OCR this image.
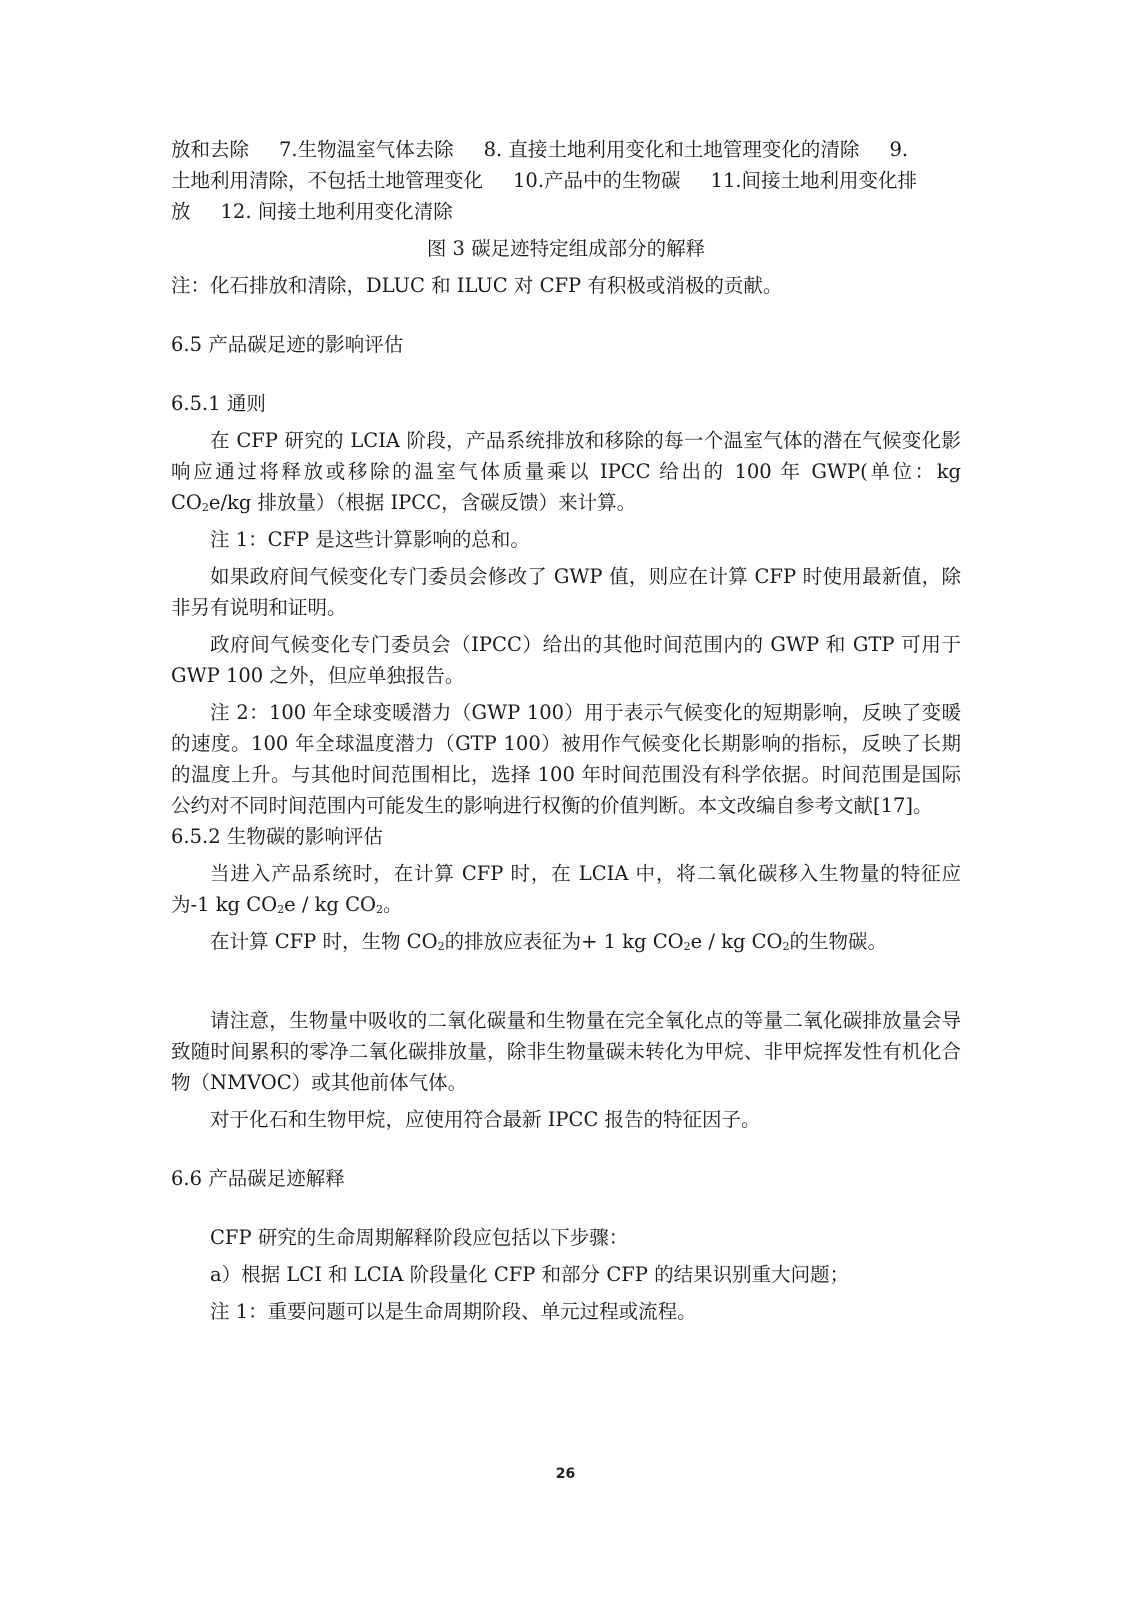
放和去除 7.生物温室气体去除 8. 直接土地利用变化和土地管理变化的清除 9.
土地利用清除，不包括土地管理变化 10.产品中的生物碳 11.间接土地利用变化排
放 12. 间接土地利用变化清除

图 3 碳足迹特定组成部分的解释

注：化石排放和清除，DLUC 和 ILUC 对 CFP 有积极或消极的贡献。

6.5 产品碳足迹的影响评估

6.5.1 通则

在 CFP 研究的 LCIA 阶段，产品系统排放和移除的每一个温室气体的潜在气候变化影响应通过将释放或移除的温室气体质量乘以 IPCC 给出的 100 年 GWP(单位：kg $CO_2e/kg$ 排放量）（根据 IPCC，含碳反馈）来计算。

注 1：CFP 是这些计算影响的总和。

如果政府间气候变化专门委员会修改了 GWP 值，则应在计算 CFP 时使用最新值，除非另有说明和证明。

政府间气候变化专门委员会（IPCC）给出的其他时间范围内的 GWP 和 GTP 可用于 GWP 100 之外，但应单独报告。

注 2：100 年全球变暖潜力（GWP 100）用于表示气候变化的短期影响，反映了变暖的速度。100 年全球温度潜力（GTP 100）被用作气候变化长期影响的指标，反映了长期的温度上升。与其他时间范围相比，选择 100 年时间范围没有科学依据。时间范围是国际公约对不同时间范围内可能发生的影响进行权衡的价值判断。本文改编自参考文献[17]。

6.5.2 生物碳的影响评估

当进入产品系统时，在计算 CFP 时，在 LCIA 中，将二氧化碳移入生物量的特征应为-1 kg $CO_2e$ / kg $CO_2$。

在计算 CFP 时，生物 $CO_2$的排放应表征为+ 1 kg $CO_2e$ / kg $CO_2$的生物碳。

请注意，生物量中吸收的二氧化碳量和生物量在完全氧化点的等量二氧化碳排放量会导致随时间累积的零净二氧化碳排放量，除非生物量碳未转化为甲烷、非甲烷挥发性有机化合物（NMVOC）或其他前体气体。

对于化石和生物甲烷，应使用符合最新 IPCC 报告的特征因子。

6.6 产品碳足迹解释

CFP 研究的生命周期解释阶段应包括以下步骤：

a）根据 LCI 和 LCIA 阶段量化 CFP 和部分 CFP 的结果识别重大问题；

注 1：重要问题可以是生命周期阶段、单元过程或流程。

26
